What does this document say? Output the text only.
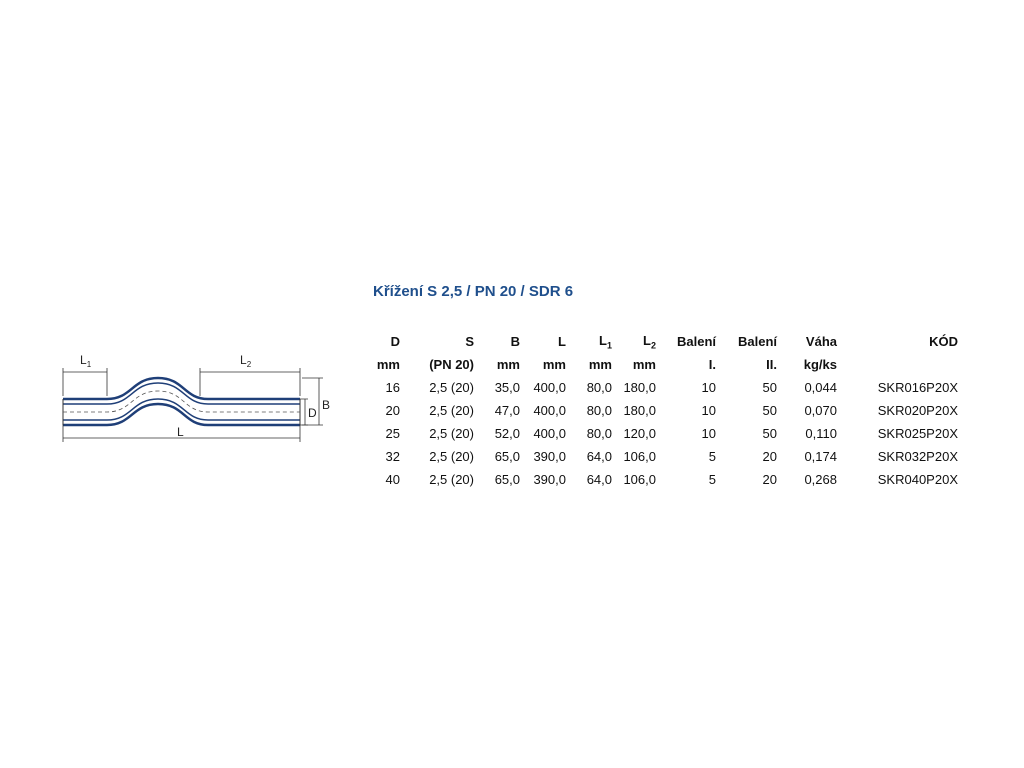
Křížení S 2,5 / PN 20 / SDR 6
$L_1$	$L_2$
L
D
B
D	S	B	L	$L_1$	$L_2$	Balení	Balení	Váha	KÓD
mm	(PN 20)	mm	mm	mm	mm	I.	II.	kg/ks	
16	2,5 (20)	35,0	400,0	80,0	180,0	10	50	0,044	SKR016P20X
20	2,5 (20)	47,0	400,0	80,0	180,0	10	50	0,070	SKR020P20X
25	2,5 (20)	52,0	400,0	80,0	120,0	10	50	0,110	SKR025P20X
32	2,5 (20)	65,0	390,0	64,0	106,0	5	20	0,174	SKR032P20X
40	2,5 (20)	65,0	390,0	64,0	106,0	5	20	0,268	SKR040P20X
